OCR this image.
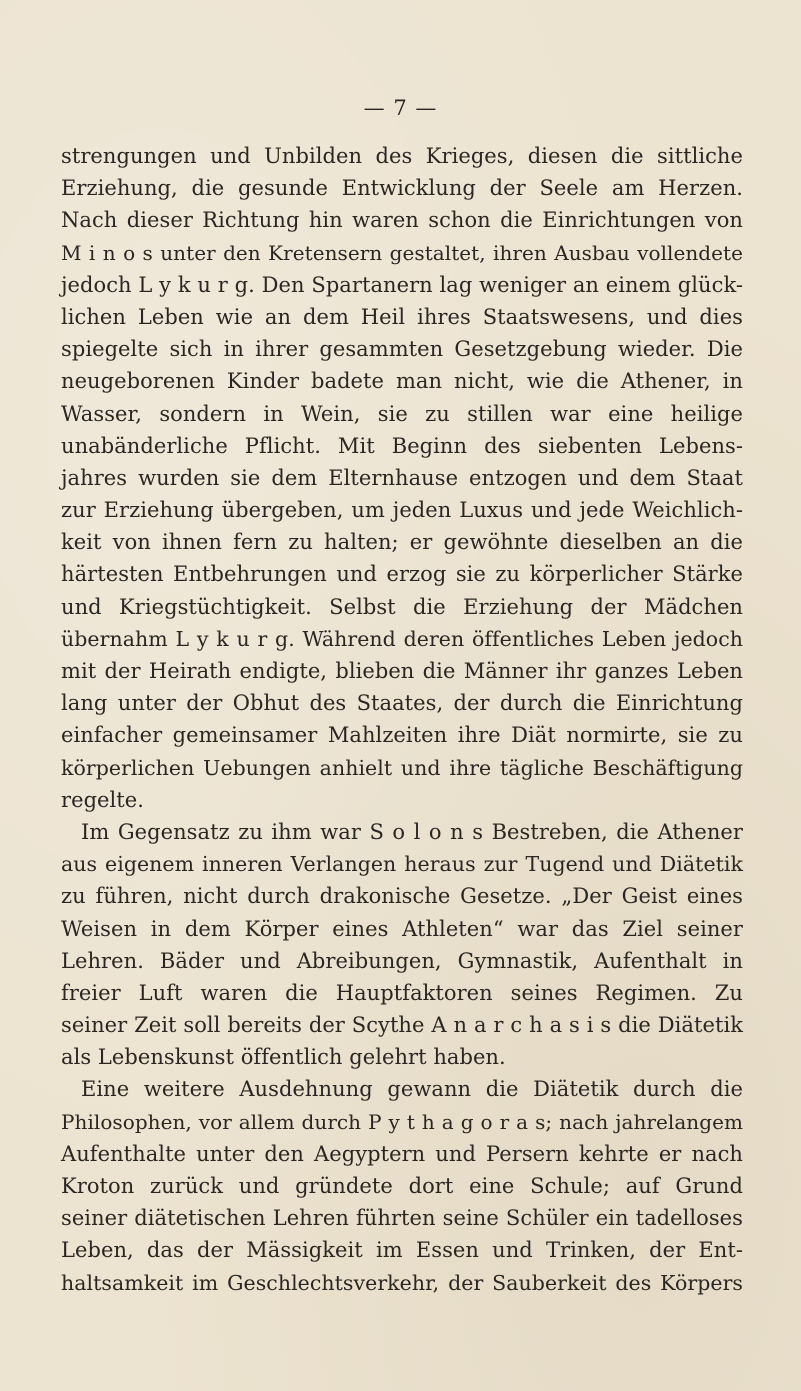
— 7 —
strengungen und Unbilden des Krieges, diesen die sittliche
Erziehung, die gesunde Entwicklung der Seele am Herzen.
Nach dieser Richtung hin waren schon die Einrichtungen von
M i n o s unter den Kretensern gestaltet, ihren Ausbau vollendete
jedoch L y k u r g. Den Spartanern lag weniger an einem glück-
lichen Leben wie an dem Heil ihres Staatswesens, und dies
spiegelte sich in ihrer gesammten Gesetzgebung wieder. Die
neugeborenen Kinder badete man nicht, wie die Athener, in
Wasser, sondern in Wein, sie zu stillen war eine heilige
unabänderliche Pflicht. Mit Beginn des siebenten Lebens-
jahres wurden sie dem Elternhause entzogen und dem Staat
zur Erziehung übergeben, um jeden Luxus und jede Weichlich-
keit von ihnen fern zu halten; er gewöhnte dieselben an die
härtesten Entbehrungen und erzog sie zu körperlicher Stärke
und Kriegstüchtigkeit. Selbst die Erziehung der Mädchen
übernahm L y k u r g. Während deren öffentliches Leben jedoch
mit der Heirath endigte, blieben die Männer ihr ganzes Leben
lang unter der Obhut des Staates, der durch die Einrichtung
einfacher gemeinsamer Mahlzeiten ihre Diät normirte, sie zu
körperlichen Uebungen anhielt und ihre tägliche Beschäftigung
regelte.
Im Gegensatz zu ihm war S o l o n s Bestreben, die Athener
aus eigenem inneren Verlangen heraus zur Tugend und Diätetik
zu führen, nicht durch drakonische Gesetze. „Der Geist eines
Weisen in dem Körper eines Athleten“ war das Ziel seiner
Lehren. Bäder und Abreibungen, Gymnastik, Aufenthalt in
freier Luft waren die Hauptfaktoren seines Regimen. Zu
seiner Zeit soll bereits der Scythe A n a r c h a s i s die Diätetik
als Lebenskunst öffentlich gelehrt haben.
Eine weitere Ausdehnung gewann die Diätetik durch die
Philosophen, vor allem durch P y t h a g o r a s; nach jahrelangem
Aufenthalte unter den Aegyptern und Persern kehrte er nach
Kroton zurück und gründete dort eine Schule; auf Grund
seiner diätetischen Lehren führten seine Schüler ein tadelloses
Leben, das der Mässigkeit im Essen und Trinken, der Ent-
haltsamkeit im Geschlechtsverkehr, der Sauberkeit des Körpers
